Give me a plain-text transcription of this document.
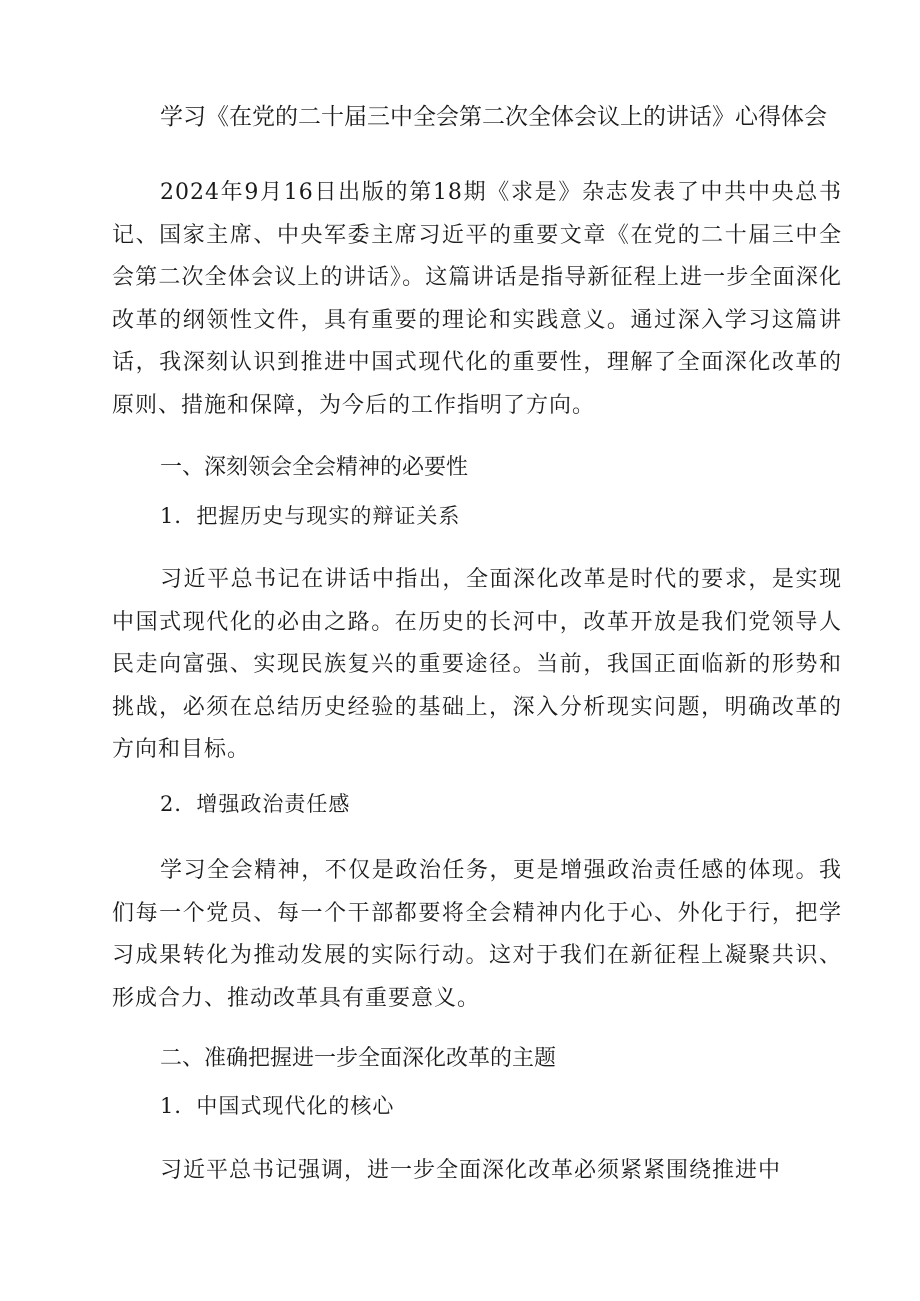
学习《在党的二十届三中全会第二次全体会议上的讲话》心得体会

2024年9月16日出版的第18期《求是》杂志发表了中共中央总书记、国家主席、中央军委主席习近平的重要文章《在党的二十届三中全会第二次全体会议上的讲话》。这篇讲话是指导新征程上进一步全面深化改革的纲领性文件，具有重要的理论和实践意义。通过深入学习这篇讲话，我深刻认识到推进中国式现代化的重要性，理解了全面深化改革的原则、措施和保障，为今后的工作指明了方向。

一、深刻领会全会精神的必要性
1．把握历史与现实的辩证关系

习近平总书记在讲话中指出，全面深化改革是时代的要求，是实现中国式现代化的必由之路。在历史的长河中，改革开放是我们党领导人民走向富强、实现民族复兴的重要途径。当前，我国正面临新的形势和挑战，必须在总结历史经验的基础上，深入分析现实问题，明确改革的方向和目标。

2．增强政治责任感

学习全会精神，不仅是政治任务，更是增强政治责任感的体现。我们每一个党员、每一个干部都要将全会精神内化于心、外化于行，把学习成果转化为推动发展的实际行动。这对于我们在新征程上凝聚共识、形成合力、推动改革具有重要意义。

二、准确把握进一步全面深化改革的主题
1．中国式现代化的核心

习近平总书记强调，进一步全面深化改革必须紧紧围绕推进中
